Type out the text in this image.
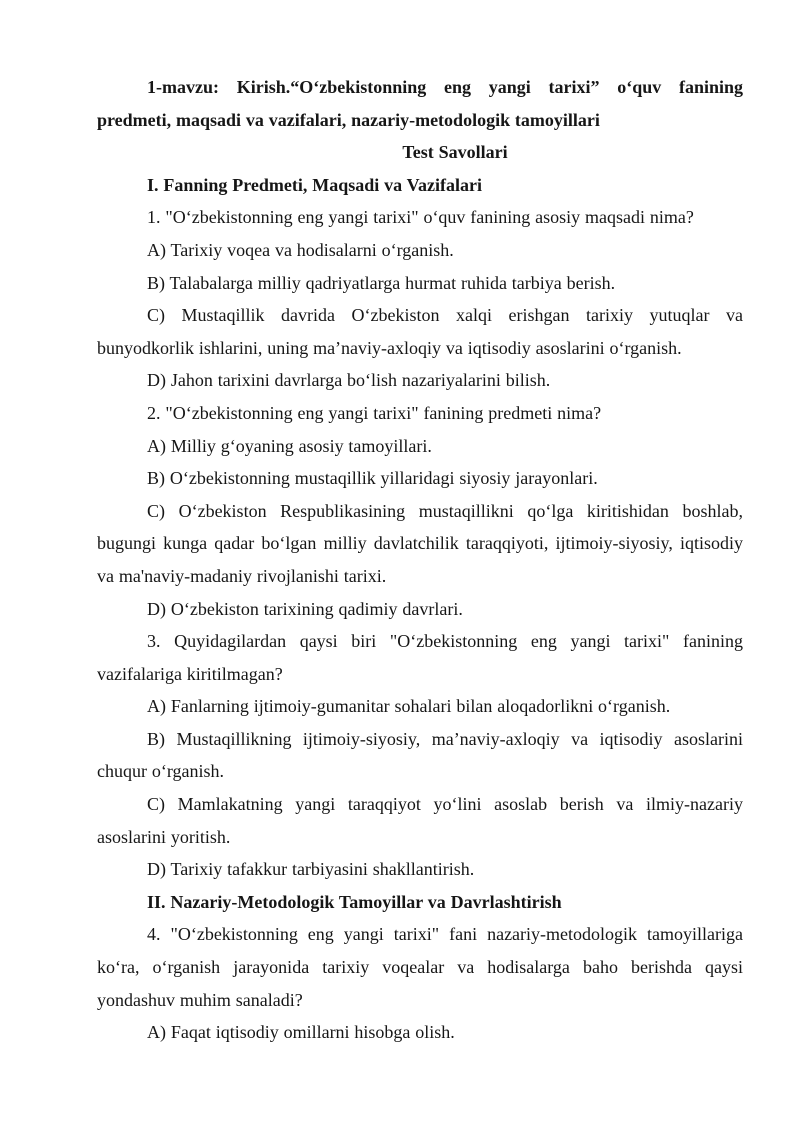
1-mavzu: Kirish.“O‘zbekistonning eng yangi tarixi” o‘quv fanining predmeti, maqsadi va vazifalari, nazariy-metodologik tamoyillari

Test Savollari

I. Fanning Predmeti, Maqsadi va Vazifalari

1. "O‘zbekistonning eng yangi tarixi" o‘quv fanining asosiy maqsadi nima?

A) Tarixiy voqea va hodisalarni o‘rganish.

B) Talabalarga milliy qadriyatlarga hurmat ruhida tarbiya berish.

C) Mustaqillik davrida O‘zbekiston xalqi erishgan tarixiy yutuqlar va bunyodkorlik ishlarini, uning ma’naviy-axloqiy va iqtisodiy asoslarini o‘rganish.

D) Jahon tarixini davrlarga bo‘lish nazariyalarini bilish.

2. "O‘zbekistonning eng yangi tarixi" fanining predmeti nima?

A) Milliy g‘oyaning asosiy tamoyillari.

B) O‘zbekistonning mustaqillik yillaridagi siyosiy jarayonlari.

C) O‘zbekiston Respublikasining mustaqillikni qo‘lga kiritishidan boshlab, bugungi kunga qadar bo‘lgan milliy davlatchilik taraqqiyoti, ijtimoiy-siyosiy, iqtisodiy va ma'naviy-madaniy rivojlanishi tarixi.

D) O‘zbekiston tarixining qadimiy davrlari.

3. Quyidagilardan qaysi biri "O‘zbekistonning eng yangi tarixi" fanining vazifalariga kiritilmagan?

A) Fanlarning ijtimoiy-gumanitar sohalari bilan aloqadorlikni o‘rganish.

B) Mustaqillikning ijtimoiy-siyosiy, ma’naviy-axloqiy va iqtisodiy asoslarini chuqur o‘rganish.

C) Mamlakatning yangi taraqqiyot yo‘lini asoslab berish va ilmiy-nazariy asoslarini yoritish.

D) Tarixiy tafakkur tarbiyasini shakllantirish.

II. Nazariy-Metodologik Tamoyillar va Davrlashtirish

4. "O‘zbekistonning eng yangi tarixi" fani nazariy-metodologik tamoyillariga ko‘ra, o‘rganish jarayonida tarixiy voqealar va hodisalarga baho berishda qaysi yondashuv muhim sanaladi?

A) Faqat iqtisodiy omillarni hisobga olish.
